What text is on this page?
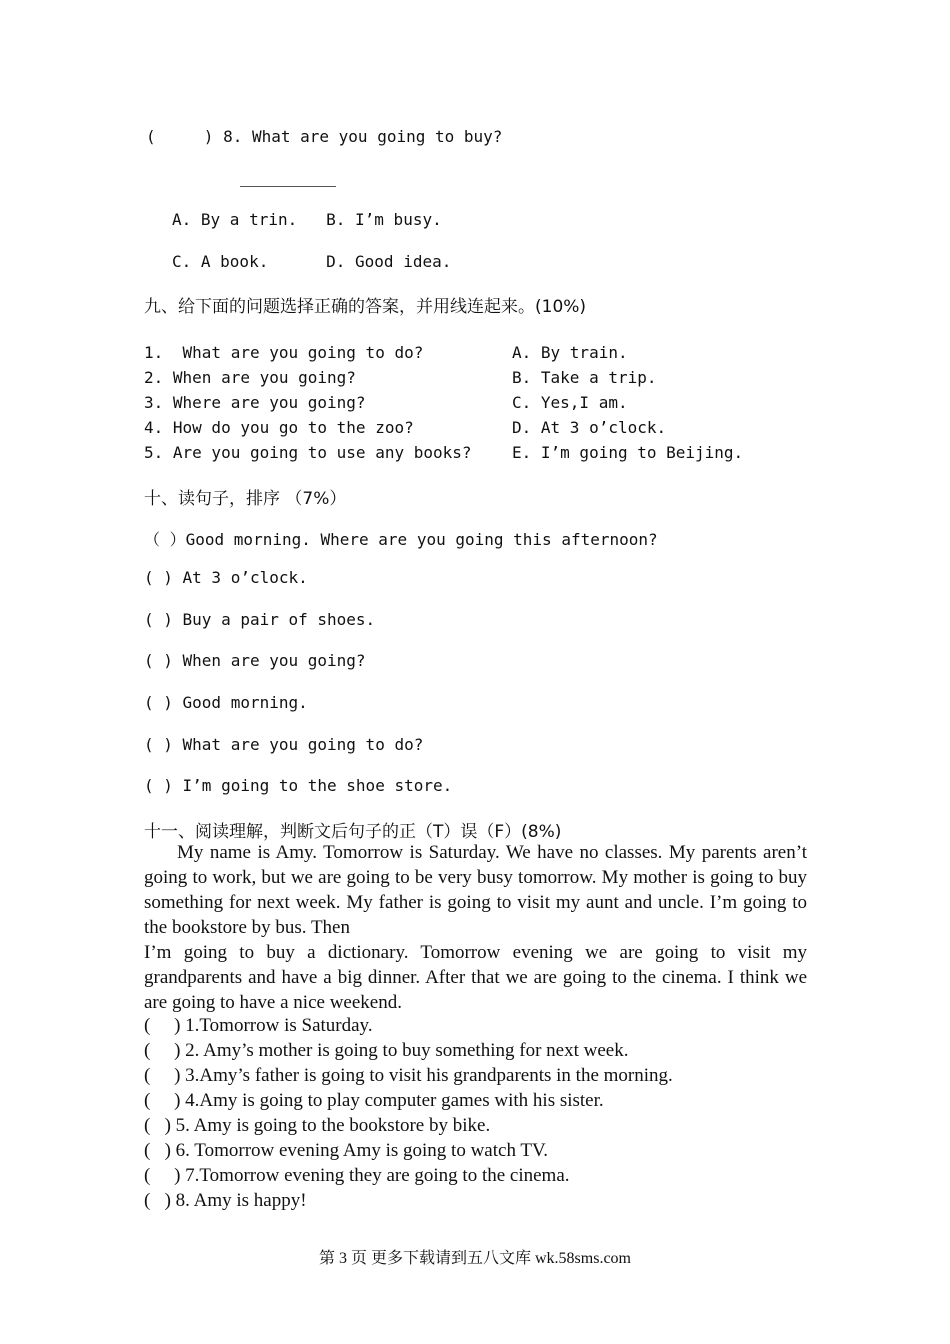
(     ) 8. What are you going to buy?
A. By a trin.   B. I’m busy.
C. A book.      D. Good idea.
九、给下面的问题选择正确的答案，并用线连起来。(10%)
1.  What are you going to do?
2. When are you going?
3. Where are you going?
4. How do you go to the zoo?
5. Are you going to use any books?
A. By train.
B. Take a trip.
C. Yes,I am.
D. At 3 o’clock.
E. I’m going to Beijing.
十、读句子，排序 （7%）
（ ）Good morning. Where are you going this afternoon?
( ) At 3 o’clock.
( ) Buy a pair of shoes.
( ) When are you going?
( ) Good morning.
( ) What are you going to do?
( ) I’m going to the shoe store.
十一、阅读理解，判断文后句子的正（T）误（F）(8%)
My name is Amy. Tomorrow is Saturday. We have no classes. My parents aren’t going to work, but we are going to be very busy tomorrow. My mother is going to buy something for next week. My father is going to visit my aunt and uncle. I’m going to the bookstore by bus. Then
I’m going to buy a dictionary. Tomorrow evening we are going to visit my grandparents and have a big dinner. After that we are going to the cinema. I think we are going to have a nice weekend.
(     ) 1.Tomorrow is Saturday.
(     ) 2. Amy’s mother is going to buy something for next week.
(     ) 3.Amy’s father is going to visit his grandparents in the morning.
(     ) 4.Amy is going to play computer games with his sister.
(   ) 5. Amy is going to the bookstore by bike.
(   ) 6. Tomorrow evening Amy is going to watch TV.
(     ) 7.Tomorrow evening they are going to the cinema.
(   ) 8. Amy is happy!
第 3 页 更多下载请到五八文库 wk.58sms.com
